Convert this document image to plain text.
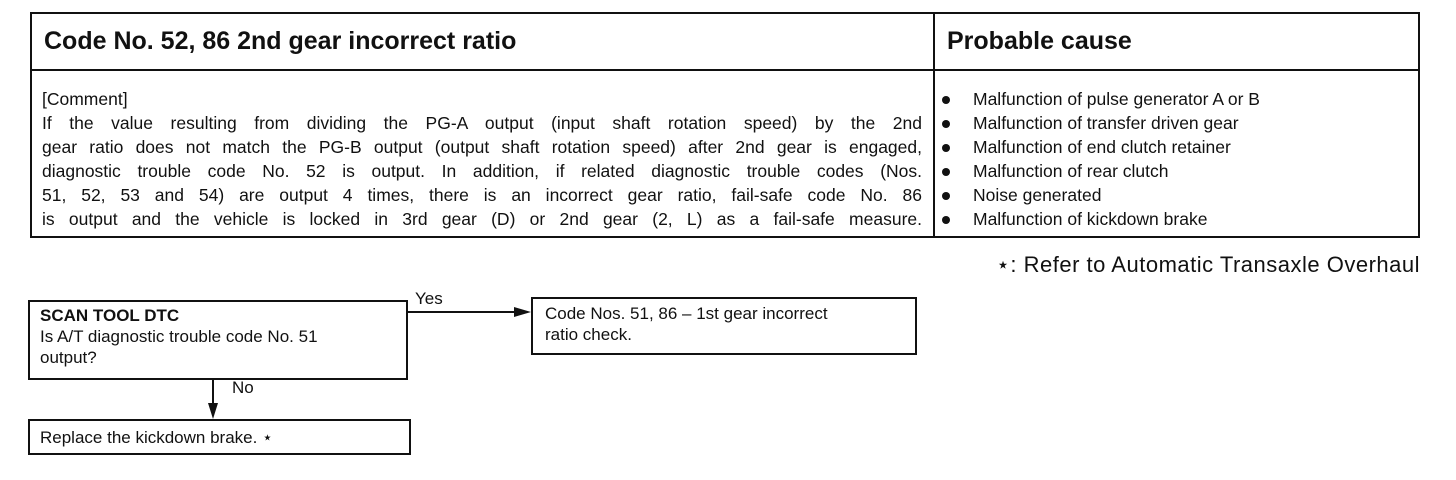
Code No. 52, 86 2nd gear incorrect ratio	Probable cause
[Comment]
If the value resulting from dividing the PG-A output (input shaft rotation speed) by the 2nd
gear ratio does not match the PG-B output (output shaft rotation speed) after 2nd gear is engaged,
diagnostic trouble code No. 52 is output. In addition, if related diagnostic trouble codes (Nos.
51, 52, 53 and 54) are output 4 times, there is an incorrect gear ratio, fail-safe code No. 86
is output and the vehicle is locked in 3rd gear (D) or 2nd gear (2, L) as a fail-safe measure.
Malfunction of pulse generator A or B
Malfunction of transfer driven gear
Malfunction of end clutch retainer
Malfunction of rear clutch
Noise generated
Malfunction of kickdown brake
⋆: Refer to Automatic Transaxle Overhaul
SCAN TOOL DTC
Is A/T diagnostic trouble code No. 51
output?
Yes
No
Code Nos. 51, 86 – 1st gear incorrect
ratio check.
Replace the kickdown brake. ⋆
